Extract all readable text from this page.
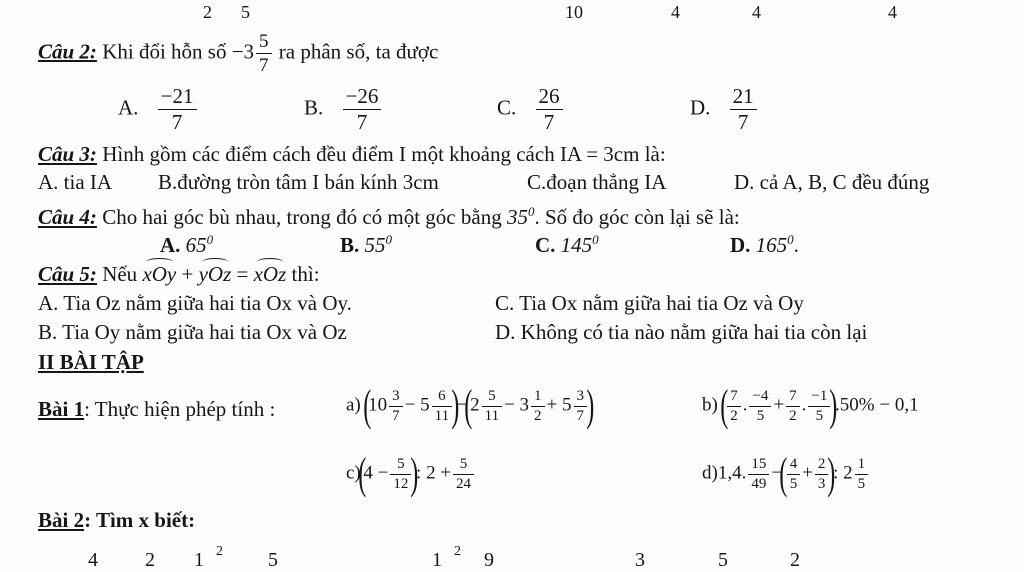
2 5	10	4	4	4
Câu 2: Khi đổi hỗn số $-3 \frac{5}{7}$ ra phân số, ta được
A. $\frac{-21}{7}$	B. $\frac{-26}{7}$	C. $\frac{26}{7}$	D. $\frac{21}{7}$
Câu 3: Hình gồm các điểm cách đều điểm I một khoảng cách IA = 3cm là:
A. tia IA B.đường tròn tâm I bán kính 3cm	C.đoạn thẳng IA	D. cả A, B, C đều đúng
Câu 4: Cho hai góc bù nhau, trong đó có một góc bằng $35^0$. Số đo góc còn lại sẽ là:
A. $65^0$	B. $55^0$	C. $145^0$	D. $165^0$.
Câu 5: Nếu xOy + yOz = xOz thì:
A. Tia Oz nằm giữa hai tia Ox và Oy.	C. Tia Ox nằm giữa hai tia Oz và Oy
B. Tia Oy nằm giữa hai tia Ox và Oz	D. Không có tia nào nằm giữa hai tia còn lại
II BÀI TẬP
Bài 1: Thực hiện phép tính :	a) $(10 \frac{3}{7} - 5 \frac{6}{11} )-(2 \frac{5}{11} - 3 \frac{1}{2} + 5 \frac{3}{7}$ )	b) ( $\frac{7}{2}$ . $\frac{-4}{5} + \frac{7}{2}$ . $\frac{-1}{5} ).50\% - 0,1$
$c)(4 - \frac{5}{12}$ ): $2 + \frac{5}{24}$	d)1,4. $\frac{15}{49}$ −( $\frac{4}{5} + \frac{2}{3}$ ): $2 \frac{1}{5}$
Bài 2: Tìm x biết:
4 2 1 2 5	1 2 9	3	5	2
